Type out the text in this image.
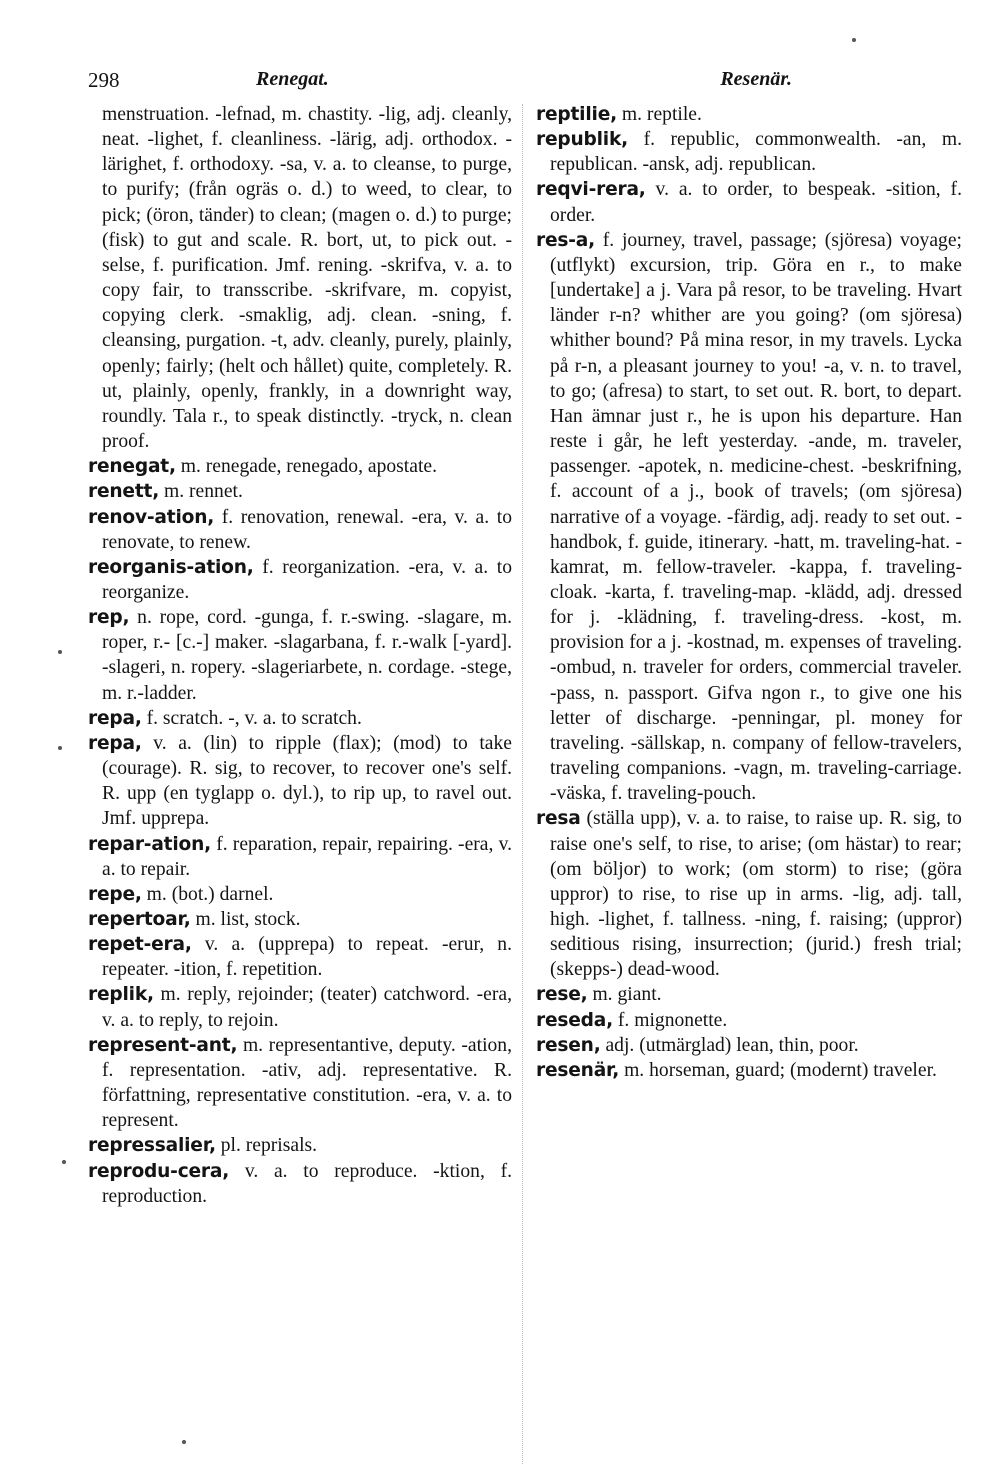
298	Renegat.	Resenär.

menstruation. -lefnad, m. chastity. -lig, adj. cleanly, neat. -lighet, f. cleanliness. -lärig, adj. orthodox. -lärighet, f. orthodoxy. -sa, v. a. to cleanse, to purge, to purify; (från ogräs o. d.) to weed, to clear, to pick; (öron, tänder) to clean; (magen o. d.) to purge; (fisk) to gut and scale. R. bort, ut, to pick out. -selse, f. purification. Jmf. rening. -skrifva, v. a. to copy fair, to transscribe. -skrifvare, m. copyist, copying clerk. -smaklig, adj. clean. -sning, f. cleansing, purgation. -t, adv. cleanly, purely, plainly, openly; fairly; (helt och hållet) quite, completely. R. ut, plainly, openly, frankly, in a downright way, roundly. Tala r., to speak distinctly. -tryck, n. clean proof.

renegat, m. renegade, renegado, apostate.

renett, m. rennet.

renov-ation, f. renovation, renewal. -era, v. a. to renovate, to renew.

reorganis-ation, f. reorganization. -era, v. a. to reorganize.

rep, n. rope, cord. -gunga, f. r.-swing. -slagare, m. roper, r.- [c.-] maker. -slagarbana, f. r.-walk [-yard]. -slageri, n. ropery. -slageriarbete, n. cordage. -stege, m. r.-ladder.

repa, f. scratch. -, v. a. to scratch.

repa, v. a. (lin) to ripple (flax); (mod) to take (courage). R. sig, to recover, to recover one's self. R. upp (en tyglapp o. dyl.), to rip up, to ravel out. Jmf. upprepa.

repar-ation, f. reparation, repair, repairing. -era, v. a. to repair.

repe, m. (bot.) darnel.

repertoar, m. list, stock.

repet-era, v. a. (upprepa) to repeat. -erur, n. repeater. -ition, f. repetition.

replik, m. reply, rejoinder; (teater) catchword. -era, v. a. to reply, to rejoin.

represent-ant, m. representantive, deputy. -ation, f. representation. -ativ, adj. representative. R. författning, representative constitution. -era, v. a. to represent.

repressalier, pl. reprisals.

reprodu-cera, v. a. to reproduce. -ktion, f. reproduction.

reptilie, m. reptile.

republik, f. republic, commonwealth. -an, m. republican. -ansk, adj. republican.

reqvi-rera, v. a. to order, to bespeak. -sition, f. order.

res-a, f. journey, travel, passage; (sjöresa) voyage; (utflykt) excursion, trip. Göra en r., to make [undertake] a j. Vara på resor, to be traveling. Hvart länder r-n? whither are you going? (om sjöresa) whither bound? På mina resor, in my travels. Lycka på r-n, a pleasant journey to you! -a, v. n. to travel, to go; (afresa) to start, to set out. R. bort, to depart. Han ämnar just r., he is upon his departure. Han reste i går, he left yesterday. -ande, m. traveler, passenger. -apotek, n. medicine-chest. -beskrifning, f. account of a j., book of travels; (om sjöresa) narrative of a voyage. -färdig, adj. ready to set out. -handbok, f. guide, itinerary. -hatt, m. traveling-hat. -kamrat, m. fellow-traveler. -kappa, f. traveling-cloak. -karta, f. traveling-map. -klädd, adj. dressed for j. -klädning, f. traveling-dress. -kost, m. provision for a j. -kostnad, m. expenses of traveling. -ombud, n. traveler for orders, commercial traveler. -pass, n. passport. Gifva ngon r., to give one his letter of discharge. -penningar, pl. money for traveling. -sällskap, n. company of fellow-travelers, traveling companions. -vagn, m. traveling-carriage. -väska, f. traveling-pouch.

resa (ställa upp), v. a. to raise, to raise up. R. sig, to raise one's self, to rise, to arise; (om hästar) to rear; (om böljor) to work; (om storm) to rise; (göra uppror) to rise, to rise up in arms. -lig, adj. tall, high. -lighet, f. tallness. -ning, f. raising; (uppror) seditious rising, insurrection; (jurid.) fresh trial; (skepps-) dead-wood.

rese, m. giant.

reseda, f. mignonette.

resen, adj. (utmärglad) lean, thin, poor.

resenär, m. horseman, guard; (modernt) traveler.
